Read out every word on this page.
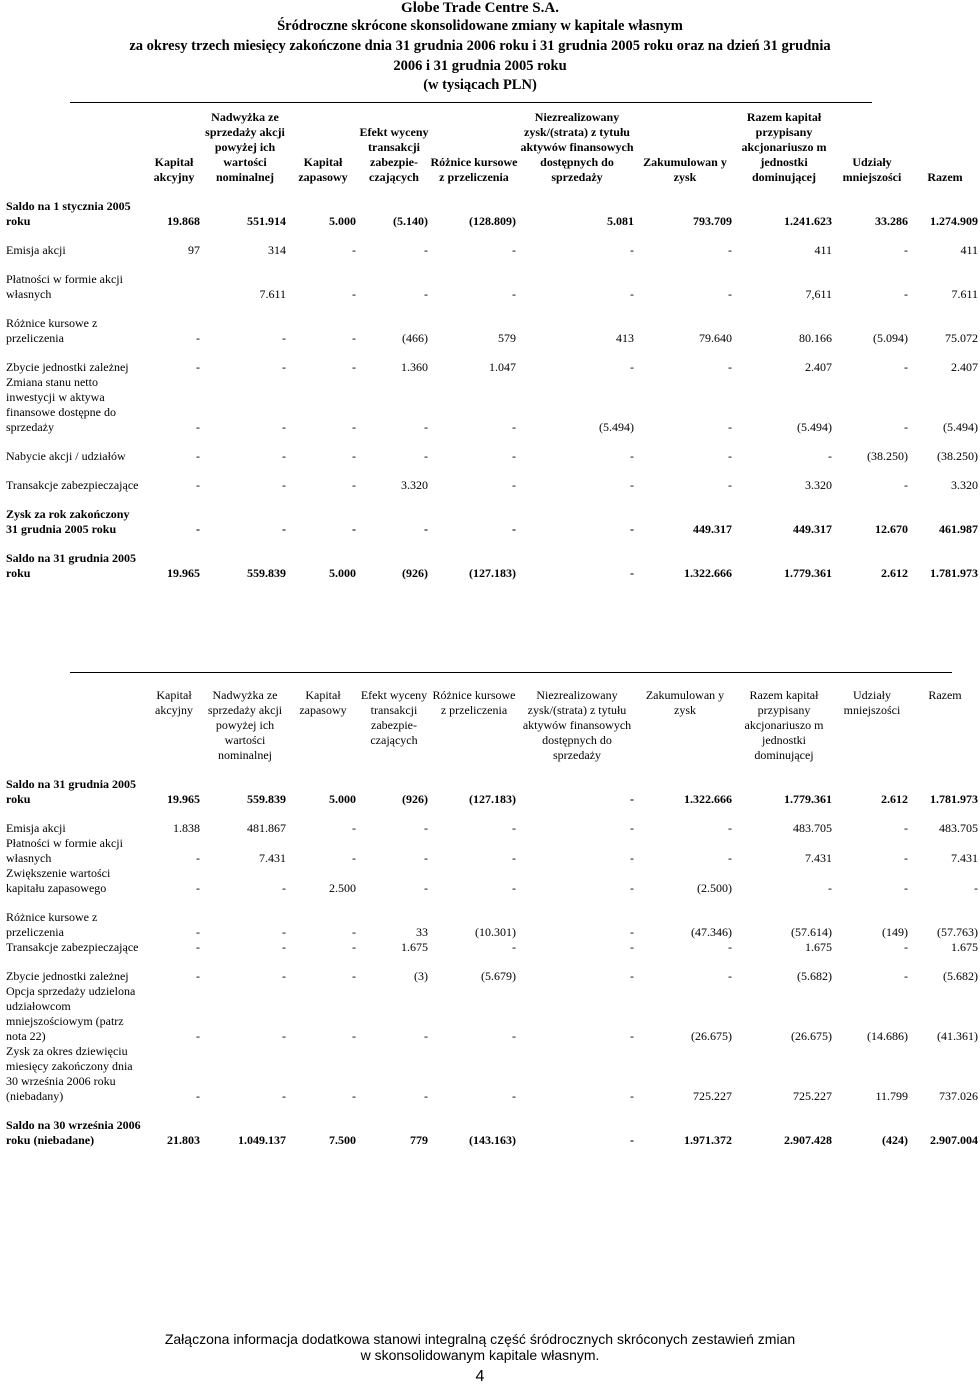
Globe Trade Centre S.A.
Śródroczne skrócone skonsolidowane zmiany w kapitale własnym
za okresy trzech miesięcy zakończone dnia 31 grudnia 2006 roku i 31 grudnia 2005 roku oraz na dzień 31 grudnia
2006 i 31 grudnia 2005 roku
(w tysiącach PLN)
	Kapitał akcyjny	Nadwyżka ze sprzedaży akcji powyżej ich wartości nominalnej	Kapitał zapasowy	Efekt wyceny transakcji zabezpie-czających	Różnice kursowe z przeliczenia	Niezrealizowany zysk/(strata) z tytułu aktywów finansowych dostępnych do sprzedaży	Zakumulowan y zysk	Razem kapitał przypisany akcjonariuszo m jednostki dominującej	Udziały mniejszości	Razem

Saldo na 1 stycznia 2005 roku	19.868	551.914	5.000	(5.140)	(128.809)	5.081	793.709	1.241.623	33.286	1.274.909

Emisja akcji	97	314	-	-	-	-	-	411	-	411

Płatności w formie akcji własnych		7.611	-	-	-	-	-	7,611	-	7.611

Różnice kursowe z przeliczenia	-	-	-	(466)	579	413	79.640	80.166	(5.094)	75.072

Zbycie jednostki zależnej	-	-	-	1.360	1.047	-	-	2.407	-	2.407
Zmiana stanu netto inwestycji w aktywa finansowe dostępne do sprzedaży	-	-	-	-	-	(5.494)	-	(5.494)	-	(5.494)

Nabycie akcji / udziałów	-	-	-	-	-	-	-	-	(38.250)	(38.250)

Transakcje zabezpieczające	-	-	-	3.320	-	-	-	3.320	-	3.320

Zysk za rok zakończony 31 grudnia 2005 roku	-	-	-	-	-	-	449.317	449.317	12.670	461.987

Saldo na 31 grudnia 2005 roku	19.965	559.839	5.000	(926)	(127.183)	-	1.322.666	1.779.361	2.612	1.781.973
	Kapitał akcyjny	Nadwyżka ze sprzedaży akcji powyżej ich wartości nominalnej	Kapitał zapasowy	Efekt wyceny transakcji zabezpie-czających	Różnice kursowe z przeliczenia	Niezrealizowany zysk/(strata) z tytułu aktywów finansowych dostępnych do sprzedaży	Zakumulowan y zysk	Razem kapitał przypisany akcjonariuszo m jednostki dominującej	Udziały mniejszości	Razem

Saldo na 31 grudnia 2005 roku	19.965	559.839	5.000	(926)	(127.183)	-	1.322.666	1.779.361	2.612	1.781.973

Emisja akcji	1.838	481.867	-	-	-	-	-	483.705	-	483.705
Płatności w formie akcji własnych	-	7.431	-	-	-	-	-	7.431	-	7.431
Zwiększenie wartości kapitału zapasowego	-	-	2.500	-	-	-	(2.500)	-	-	-

Różnice kursowe z przeliczenia	-	-	-	33	(10.301)	-	(47.346)	(57.614)	(149)	(57.763)
Transakcje zabezpieczające	-	-	-	1.675	-	-	-	1.675	-	1.675

Zbycie jednostki zależnej	-	-	-	(3)	(5.679)	-	-	(5.682)	-	(5.682)
Opcja sprzedaży udzielona udziałowcom mniejszościowym (patrz nota 22)	-	-	-	-	-	-	(26.675)	(26.675)	(14.686)	(41.361)
Zysk za okres dziewięciu miesięcy zakończony dnia 30 września 2006 roku (niebadany)	-	-	-	-	-	-	725.227	725.227	11.799	737.026

Saldo na 30 września 2006 roku (niebadane)	21.803	1.049.137	7.500	779	(143.163)	-	1.971.372	2.907.428	(424)	2.907.004
Załączona informacja dodatkowa stanowi integralną część śródrocznych skróconych zestawień zmian
w skonsolidowanym kapitale własnym.
4
